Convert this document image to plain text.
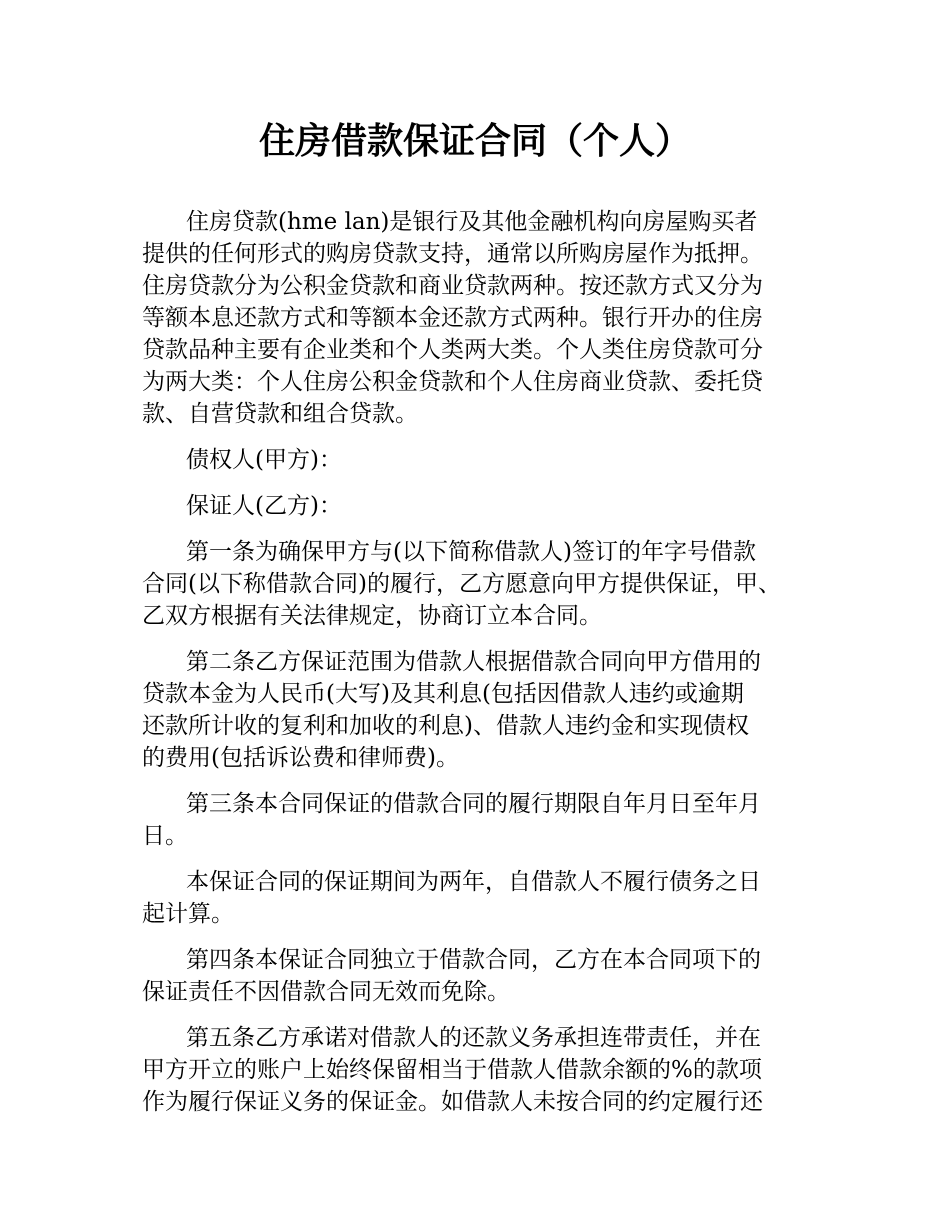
住房借款保证合同（个人）

住房贷款(hme lan)是银行及其他金融机构向房屋购买者
提供的任何形式的购房贷款支持，通常以所购房屋作为抵押。
住房贷款分为公积金贷款和商业贷款两种。按还款方式又分为
等额本息还款方式和等额本金还款方式两种。银行开办的住房
贷款品种主要有企业类和个人类两大类。个人类住房贷款可分
为两大类：个人住房公积金贷款和个人住房商业贷款、委托贷
款、自营贷款和组合贷款。

债权人(甲方)：

保证人(乙方)：

第一条为确保甲方与(以下简称借款人)签订的年字号借款
合同(以下称借款合同)的履行，乙方愿意向甲方提供保证，甲、
乙双方根据有关法律规定，协商订立本合同。

第二条乙方保证范围为借款人根据借款合同向甲方借用的
贷款本金为人民币(大写)及其利息(包括因借款人违约或逾期
还款所计收的复利和加收的利息)、借款人违约金和实现债权
的费用(包括诉讼费和律师费)。

第三条本合同保证的借款合同的履行期限自年月日至年月
日。

本保证合同的保证期间为两年，自借款人不履行债务之日
起计算。

第四条本保证合同独立于借款合同，乙方在本合同项下的
保证责任不因借款合同无效而免除。

第五条乙方承诺对借款人的还款义务承担连带责任，并在
甲方开立的账户上始终保留相当于借款人借款余额的%的款项
作为履行保证义务的保证金。如借款人未按合同的约定履行还
